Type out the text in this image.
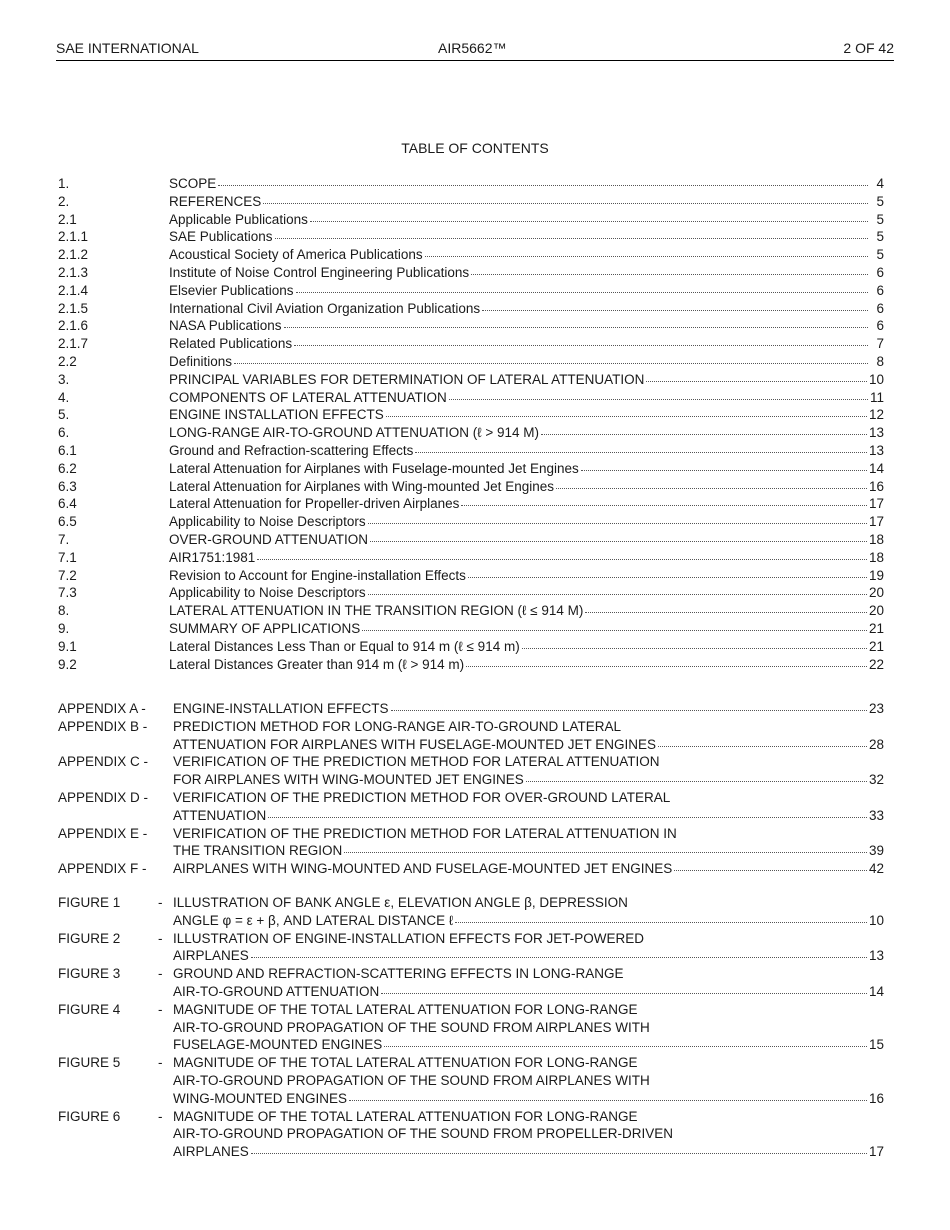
SAE INTERNATIONAL	AIR5662™	2 OF 42
TABLE OF CONTENTS
1.	SCOPE	4
2.	REFERENCES	5
2.1	Applicable Publications	5
2.1.1	SAE Publications	5
2.1.2	Acoustical Society of America Publications	5
2.1.3	Institute of Noise Control Engineering Publications	6
2.1.4	Elsevier Publications	6
2.1.5	International Civil Aviation Organization Publications	6
2.1.6	NASA Publications	6
2.1.7	Related Publications	7
2.2	Definitions	8
3.	PRINCIPAL VARIABLES FOR DETERMINATION OF LATERAL ATTENUATION	10
4.	COMPONENTS OF LATERAL ATTENUATION	11
5.	ENGINE INSTALLATION EFFECTS	12
6.	LONG-RANGE AIR-TO-GROUND ATTENUATION (ℓ > 914 M)	13
6.1	Ground and Refraction-scattering Effects	13
6.2	Lateral Attenuation for Airplanes with Fuselage-mounted Jet Engines	14
6.3	Lateral Attenuation for Airplanes with Wing-mounted Jet Engines	16
6.4	Lateral Attenuation for Propeller-driven Airplanes	17
6.5	Applicability to Noise Descriptors	17
7.	OVER-GROUND ATTENUATION	18
7.1	AIR1751:1981	18
7.2	Revision to Account for Engine-installation Effects	19
7.3	Applicability to Noise Descriptors	20
8.	LATERAL ATTENUATION IN THE TRANSITION REGION (ℓ ≤ 914 M)	20
9.	SUMMARY OF APPLICATIONS	21
9.1	Lateral Distances Less Than or Equal to 914 m (ℓ ≤ 914 m)	21
9.2	Lateral Distances Greater than 914 m (ℓ > 914 m)	22
APPENDIX A - ENGINE-INSTALLATION EFFECTS	23
APPENDIX B - PREDICTION METHOD FOR LONG-RANGE AIR-TO-GROUND LATERAL
ATTENUATION FOR AIRPLANES WITH FUSELAGE-MOUNTED JET ENGINES	28
APPENDIX C - VERIFICATION OF THE PREDICTION METHOD FOR LATERAL ATTENUATION
FOR AIRPLANES WITH WING-MOUNTED JET ENGINES	32
APPENDIX D - VERIFICATION OF THE PREDICTION METHOD FOR OVER-GROUND LATERAL
ATTENUATION	33
APPENDIX E - VERIFICATION OF THE PREDICTION METHOD FOR LATERAL ATTENUATION IN
THE TRANSITION REGION	39
APPENDIX F - AIRPLANES WITH WING-MOUNTED AND FUSELAGE-MOUNTED JET ENGINES	42
FIGURE 1	- ILLUSTRATION OF BANK ANGLE ε, ELEVATION ANGLE β, DEPRESSION
ANGLE φ = ε + β, AND LATERAL DISTANCE ℓ	10
FIGURE 2	- ILLUSTRATION OF ENGINE-INSTALLATION EFFECTS FOR JET-POWERED
AIRPLANES	13
FIGURE 3	- GROUND AND REFRACTION-SCATTERING EFFECTS IN LONG-RANGE
AIR-TO-GROUND ATTENUATION	14
FIGURE 4	- MAGNITUDE OF THE TOTAL LATERAL ATTENUATION FOR LONG-RANGE
AIR-TO-GROUND PROPAGATION OF THE SOUND FROM AIRPLANES WITH
FUSELAGE-MOUNTED ENGINES	15
FIGURE 5	- MAGNITUDE OF THE TOTAL LATERAL ATTENUATION FOR LONG-RANGE
AIR-TO-GROUND PROPAGATION OF THE SOUND FROM AIRPLANES WITH
WING-MOUNTED ENGINES	16
FIGURE 6	- MAGNITUDE OF THE TOTAL LATERAL ATTENUATION FOR LONG-RANGE
AIR-TO-GROUND PROPAGATION OF THE SOUND FROM PROPELLER-DRIVEN
AIRPLANES	17
